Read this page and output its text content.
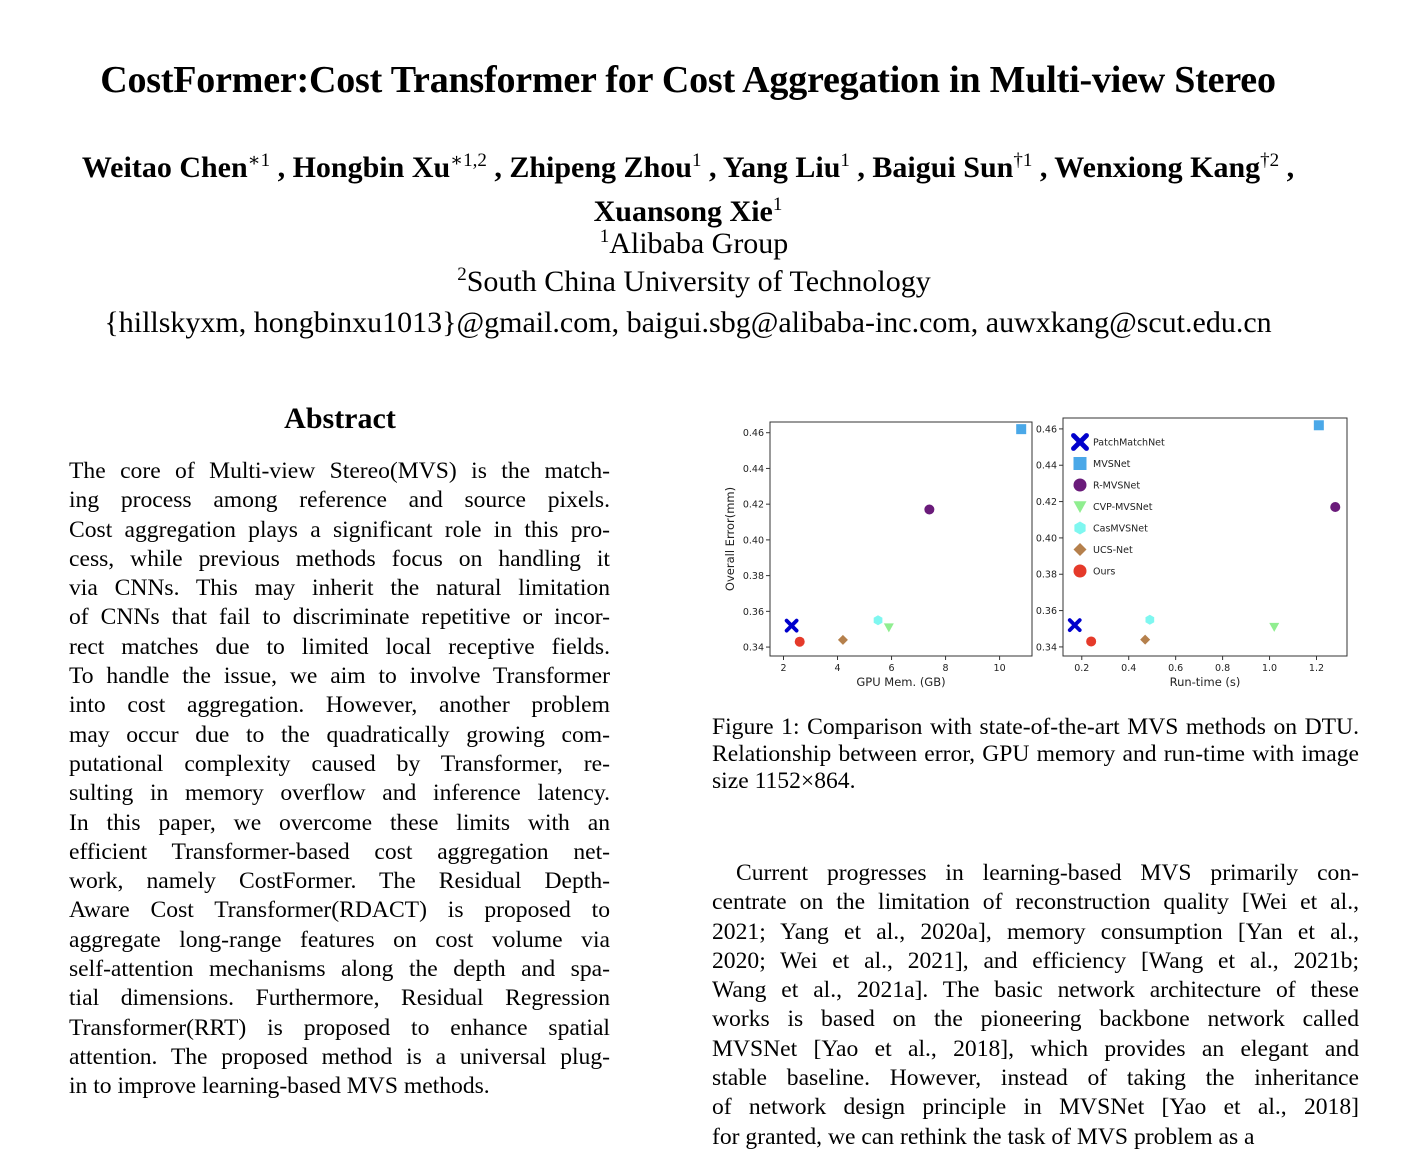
CostFormer:Cost Transformer for Cost Aggregation in Multi-view Stereo
Weitao Chen$^{∗1}$ , Hongbin $Xu^{∗1,2}$ , Zhipeng Zhou$^1$ , Yang Liu$^1$ , Baigui Sun$^{\dagger 1}$ , Wenxiong Kang$^{\dagger 2}$ , Xuansong Xie$^1$
$^1$Alibaba Group
$^2$South China University of Technology
{hillskyxm, hongbinxu1013}@gmail.com, baigui.sbg@alibaba-inc.com, auwxkang@scut.edu.cn
Abstract
The core of Multi-view Stereo(MVS) is the match-
ing process among reference and source pixels.
Cost aggregation plays a significant role in this pro-
cess, while previous methods focus on handling it
via CNNs. This may inherit the natural limitation
of CNNs that fail to discriminate repetitive or incor-
rect matches due to limited local receptive fields.
To handle the issue, we aim to involve Transformer
into cost aggregation. However, another problem
may occur due to the quadratically growing com-
putational complexity caused by Transformer, re-
sulting in memory overflow and inference latency.
In this paper, we overcome these limits with an
efficient Transformer-based cost aggregation net-
work, namely CostFormer. The Residual Depth-
Aware Cost Transformer(RDACT) is proposed to
aggregate long-range features on cost volume via
self-attention mechanisms along the depth and spa-
tial dimensions. Furthermore, Residual Regression
Transformer(RRT) is proposed to enhance spatial
attention. The proposed method is a universal plug-
in to improve learning-based MVS methods.
0.34
0.36
0.38
0.40
0.42
0.44
0.46
2	4	6	8	10
GPU Mem. (GB)
Overall Error(mm)
0.34
0.36
0.38
0.40
0.42
0.44
0.46
0.2	0.4	0.6	0.8	1.0	1.2
Run-time (s)
PatchMatchNet
MVSNet
R-MVSNet
CVP-MVSNet
CasMVSNet
UCS-Net
Ours
Figure 1: Comparison with state-of-the-art MVS methods on DTU.
Relationship between error, GPU memory and run-time with image
size 1152×864.
Current progresses in learning-based MVS primarily con-
centrate on the limitation of reconstruction quality [Wei et al.,
2021; Yang et al., 2020a], memory consumption [Yan et al.,
2020; Wei et al., 2021], and efficiency [Wang et al., 2021b;
Wang et al., 2021a]. The basic network architecture of these
works is based on the pioneering backbone network called
MVSNet [Yao et al., 2018], which provides an elegant and
stable baseline. However, instead of taking the inheritance
of network design principle in MVSNet [Yao et al., 2018]
for granted, we can rethink the task of MVS problem as a
